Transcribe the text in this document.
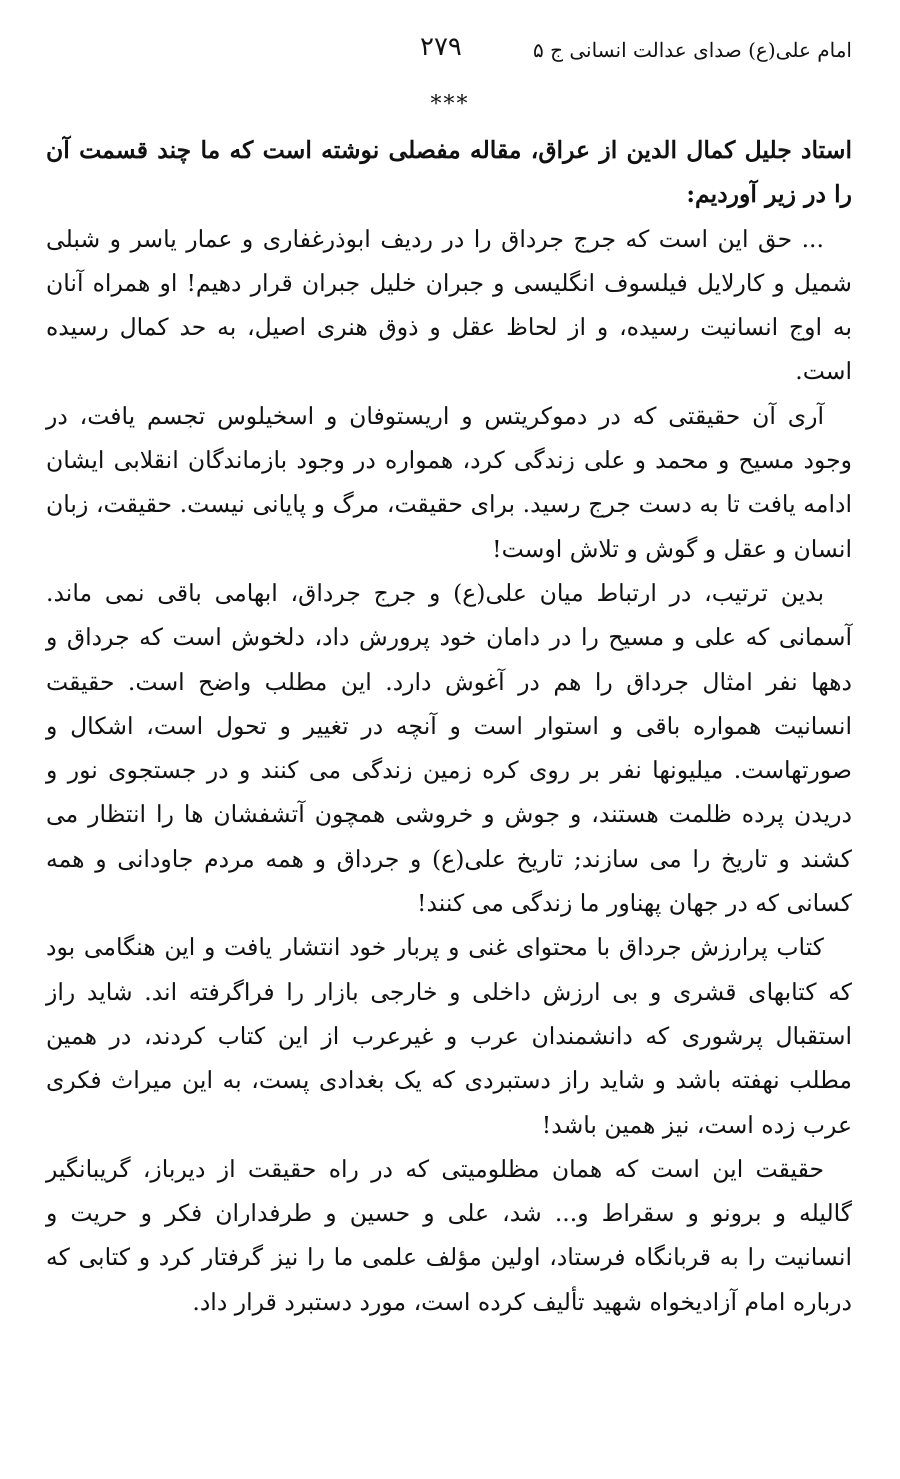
امام علی(ع) صدای عدالت انسانی ج ۵
۲۷۹
***

استاد جلیل کمال الدین از عراق، مقاله مفصلی نوشته است که ما چند قسمت آن را در زیر آوردیم:

... حق این است که جرج جرداق را در ردیف ابوذرغفاری و عمار یاسر و شبلی شمیل و کارلایل فیلسوف انگلیسی و جبران خلیل جبران قرار دهیم! او همراه آنان به اوج انسانیت رسیده، و از لحاظ عقل و ذوق هنری اصیل، به حد کمال رسیده است.

آری آن حقیقتی که در دموکریتس و اریستوفان و اسخیلوس تجسم یافت، در وجود مسیح و محمد و علی زندگی کرد، همواره در وجود بازماندگان انقلابی ایشان ادامه یافت تا به دست جرج رسید. برای حقیقت، مرگ و پایانی نیست. حقیقت، زبان انسان و عقل و گوش و تلاش اوست!

بدین ترتیب، در ارتباط میان علی(ع) و جرج جرداق، ابهامی باقی نمی ماند. آسمانی که علی و مسیح را در دامان خود پرورش داد، دلخوش است که جرداق و دهها نفر امثال جرداق را هم در آغوش دارد. این مطلب واضح است. حقیقت انسانیت همواره باقی و استوار است و آنچه در تغییر و تحول است، اشکال و صورتهاست. میلیونها نفر بر روی کره زمین زندگی می کنند و در جستجوی نور و دریدن پرده ظلمت هستند، و جوش و خروشی همچون آتشفشان ها را انتظار می کشند و تاریخ را می سازند; تاریخ علی(ع) و جرداق و همه مردم جاودانی و همه کسانی که در جهان پهناور ما زندگی می کنند!

کتاب پرارزش جرداق با محتوای غنی و پربار خود انتشار یافت و این هنگامی بود که کتابهای قشری و بی ارزش داخلی و خارجی بازار را فراگرفته اند. شاید راز استقبال پرشوری که دانشمندان عرب و غیرعرب از این کتاب کردند، در همین مطلب نهفته باشد و شاید راز دستبردی که یک بغدادی پست، به این میراث فکری عرب زده است، نیز همین باشد!

حقیقت این است که همان مظلومیتی که در راه حقیقت از دیرباز، گریبانگیر گالیله و برونو و سقراط و... شد، علی و حسین و طرفداران فکر و حریت و انسانیت را به قربانگاه فرستاد، اولین مؤلف علمی ما را نیز گرفتار کرد و کتابی که درباره امام آزادیخواه شهید تألیف کرده است، مورد دستبرد قرار داد.
